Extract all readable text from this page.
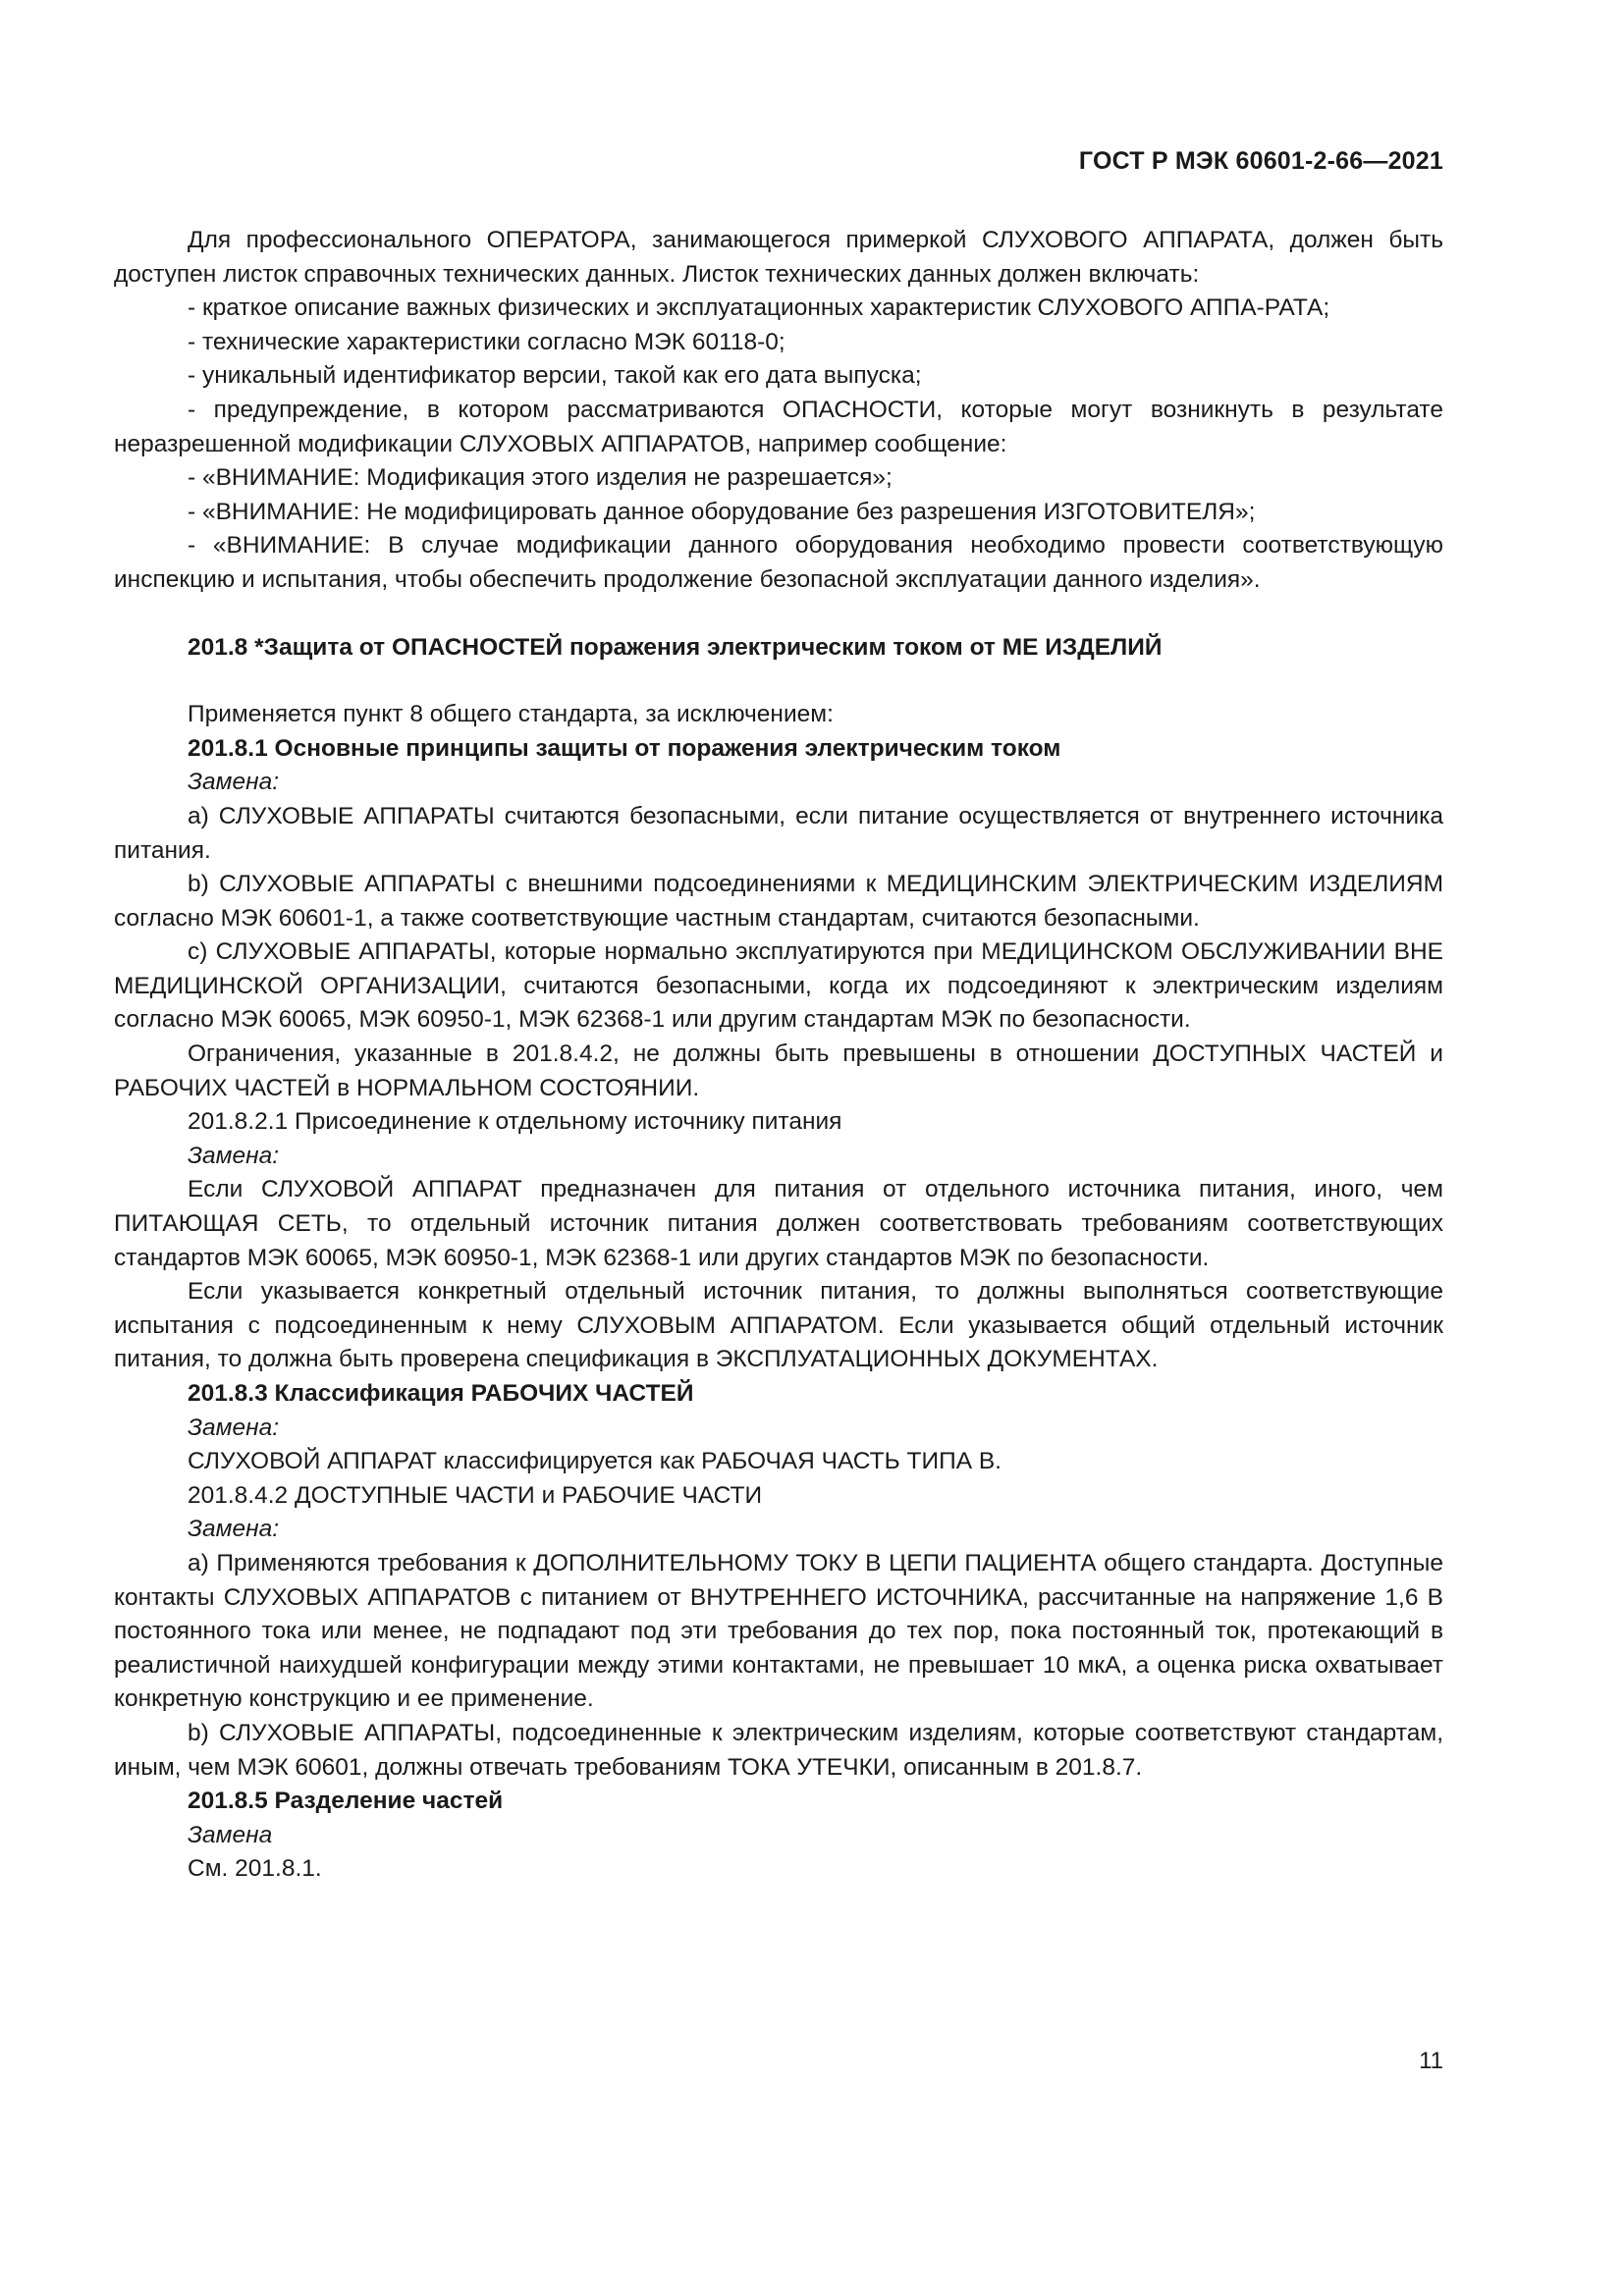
ГОСТ Р МЭК 60601-2-66—2021

Для профессионального ОПЕРАТОРА, занимающегося примеркой СЛУХОВОГО АППАРАТА, должен быть доступен листок справочных технических данных. Листок технических данных должен включать:

- краткое описание важных физических и эксплуатационных характеристик СЛУХОВОГО АППА-РАТА;

- технические характеристики согласно МЭК 60118-0;

- уникальный идентификатор версии, такой как его дата выпуска;

- предупреждение, в котором рассматриваются ОПАСНОСТИ, которые могут возникнуть в результате неразрешенной модификации СЛУХОВЫХ АППАРАТОВ, например сообщение:

- «ВНИМАНИЕ: Модификация этого изделия не разрешается»;

- «ВНИМАНИЕ: Не модифицировать данное оборудование без разрешения ИЗГОТОВИТЕЛЯ»;

- «ВНИМАНИЕ: В случае модификации данного оборудования необходимо провести соответствующую инспекцию и испытания, чтобы обеспечить продолжение безопасной эксплуатации данного изделия».

201.8 *Защита от ОПАСНОСТЕЙ поражения электрическим током от МЕ ИЗДЕЛИЙ

Применяется пункт 8 общего стандарта, за исключением:

201.8.1 Основные принципы защиты от поражения электрическим током

Замена:

a) СЛУХОВЫЕ АППАРАТЫ считаются безопасными, если питание осуществляется от внутреннего источника питания.

b) СЛУХОВЫЕ АППАРАТЫ с внешними подсоединениями к МЕДИЦИНСКИМ ЭЛЕКТРИЧЕСКИМ ИЗДЕЛИЯМ согласно МЭК 60601-1, а также соответствующие частным стандартам, считаются безопасными.

c) СЛУХОВЫЕ АППАРАТЫ, которые нормально эксплуатируются при МЕДИЦИНСКОМ ОБСЛУЖИВАНИИ ВНЕ МЕДИЦИНСКОЙ ОРГАНИЗАЦИИ, считаются безопасными, когда их подсоединяют к электрическим изделиям согласно МЭК 60065, МЭК 60950-1, МЭК 62368-1 или другим стандартам МЭК по безопасности.

Ограничения, указанные в 201.8.4.2, не должны быть превышены в отношении ДОСТУПНЫХ ЧАСТЕЙ и РАБОЧИХ ЧАСТЕЙ в НОРМАЛЬНОМ СОСТОЯНИИ.

201.8.2.1 Присоединение к отдельному источнику питания

Замена:

Если СЛУХОВОЙ АППАРАТ предназначен для питания от отдельного источника питания, иного, чем ПИТАЮЩАЯ СЕТЬ, то отдельный источник питания должен соответствовать требованиям соответствующих стандартов МЭК 60065, МЭК 60950-1, МЭК 62368-1 или других стандартов МЭК по безопасности.

Если указывается конкретный отдельный источник питания, то должны выполняться соответствующие испытания с подсоединенным к нему СЛУХОВЫМ АППАРАТОМ. Если указывается общий отдельный источник питания, то должна быть проверена спецификация в ЭКСПЛУАТАЦИОННЫХ ДОКУМЕНТАХ.

201.8.3 Классификация РАБОЧИХ ЧАСТЕЙ

Замена:

СЛУХОВОЙ АППАРАТ классифицируется как РАБОЧАЯ ЧАСТЬ ТИПА В.

201.8.4.2 ДОСТУПНЫЕ ЧАСТИ и РАБОЧИЕ ЧАСТИ

Замена:

a) Применяются требования к ДОПОЛНИТЕЛЬНОМУ ТОКУ В ЦЕПИ ПАЦИЕНТА общего стандарта. Доступные контакты СЛУХОВЫХ АППАРАТОВ с питанием от ВНУТРЕННЕГО ИСТОЧНИКА, рассчитанные на напряжение 1,6 В постоянного тока или менее, не подпадают под эти требования до тех пор, пока постоянный ток, протекающий в реалистичной наихудшей конфигурации между этими контактами, не превышает 10 мкА, а оценка риска охватывает конкретную конструкцию и ее применение.

b) СЛУХОВЫЕ АППАРАТЫ, подсоединенные к электрическим изделиям, которые соответствуют стандартам, иным, чем МЭК 60601, должны отвечать требованиям ТОКА УТЕЧКИ, описанным в 201.8.7.

201.8.5 Разделение частей

Замена

См. 201.8.1.

11
